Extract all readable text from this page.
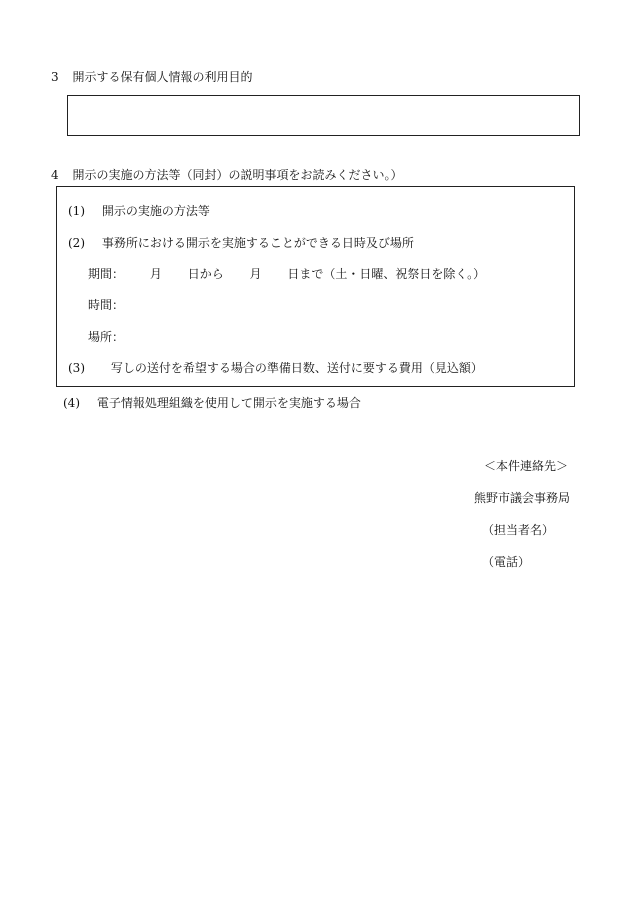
3 開示する保有個人情報の利用目的
4 開示の実施の方法等（同封）の説明事項をお読みください。）
(1) 開示の実施の方法等
(2) 事務所における開示を実施することができる日時及び場所
期間： 月 日から 月 日まで（土・日曜、祝祭日を除く。）
時間：
場所：
(3) 写しの送付を希望する場合の準備日数、送付に要する費用（見込額）
(4) 電子情報処理組織を使用して開示を実施する場合
＜本件連絡先＞
熊野市議会事務局
（担当者名）
（電話）
